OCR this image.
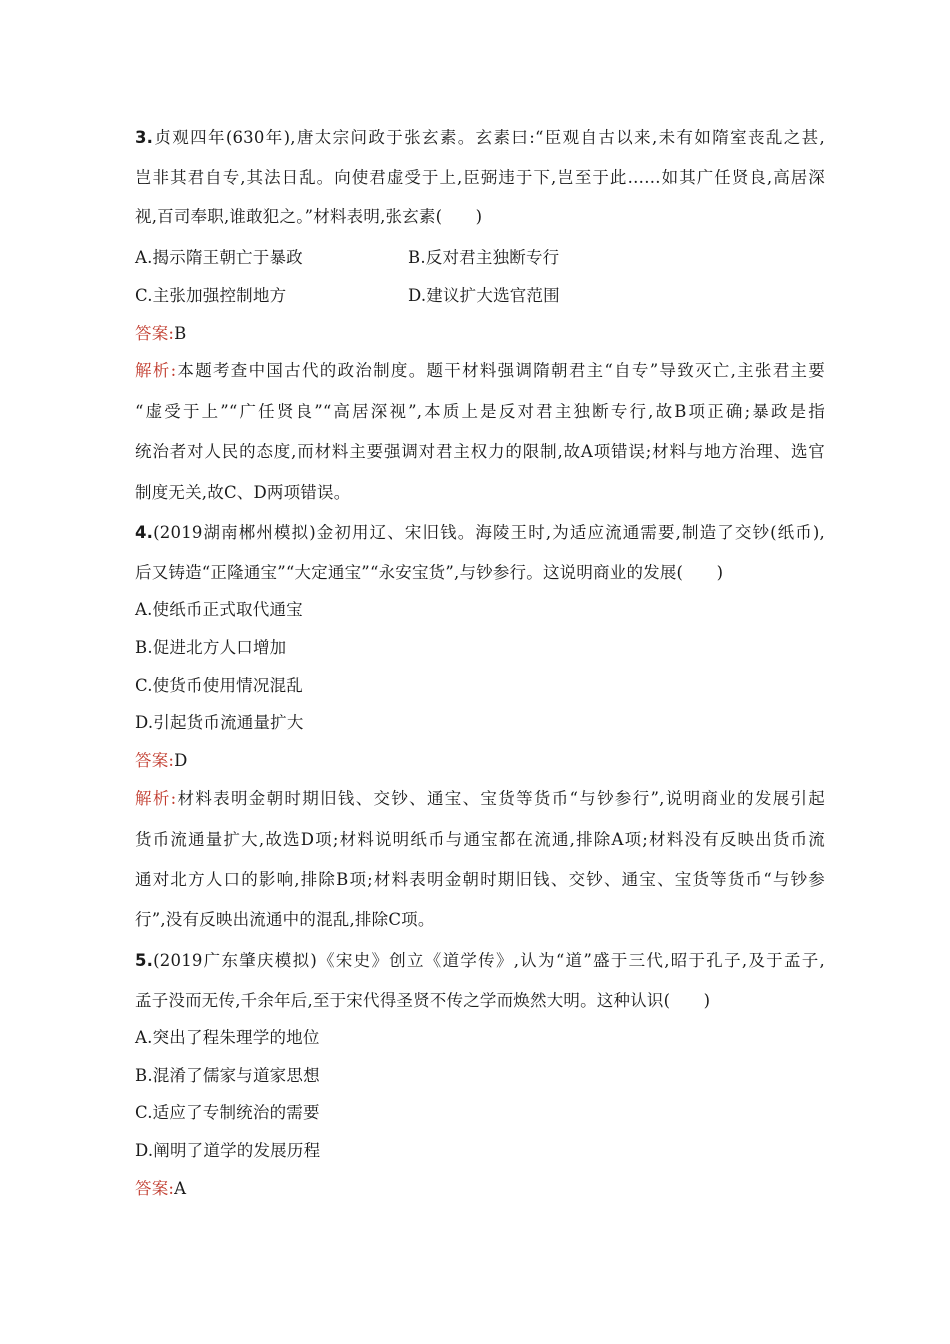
3.贞观四年(630年),唐太宗问政于张玄素。玄素曰:“臣观自古以来,未有如隋室丧乱之甚,
岂非其君自专,其法日乱。向使君虚受于上,臣弼违于下,岂至于此……如其广任贤良,高居深
视,百司奉职,谁敢犯之。”材料表明,张玄素(　　)
A.揭示隋王朝亡于暴政	B.反对君主独断专行
C.主张加强控制地方	D.建议扩大选官范围
答案:B
解析:本题考查中国古代的政治制度。题干材料强调隋朝君主“自专”导致灭亡,主张君主要
“虚受于上”“广任贤良”“高居深视”,本质上是反对君主独断专行,故B项正确;暴政是指
统治者对人民的态度,而材料主要强调对君主权力的限制,故A项错误;材料与地方治理、选官
制度无关,故C、D两项错误。
4.(2019湖南郴州模拟)金初用辽、宋旧钱。海陵王时,为适应流通需要,制造了交钞(纸币),
后又铸造“正隆通宝”“大定通宝”“永安宝货”,与钞参行。这说明商业的发展(　　)
A.使纸币正式取代通宝
B.促进北方人口增加
C.使货币使用情况混乱
D.引起货币流通量扩大
答案:D
解析:材料表明金朝时期旧钱、交钞、通宝、宝货等货币“与钞参行”,说明商业的发展引起
货币流通量扩大,故选D项;材料说明纸币与通宝都在流通,排除A项;材料没有反映出货币流
通对北方人口的影响,排除B项;材料表明金朝时期旧钱、交钞、通宝、宝货等货币“与钞参
行”,没有反映出流通中的混乱,排除C项。
5.(2019广东肇庆模拟)《宋史》创立《道学传》,认为“道”盛于三代,昭于孔子,及于孟子,
孟子没而无传,千余年后,至于宋代得圣贤不传之学而焕然大明。这种认识(　　)
A.突出了程朱理学的地位
B.混淆了儒家与道家思想
C.适应了专制统治的需要
D.阐明了道学的发展历程
答案:A
